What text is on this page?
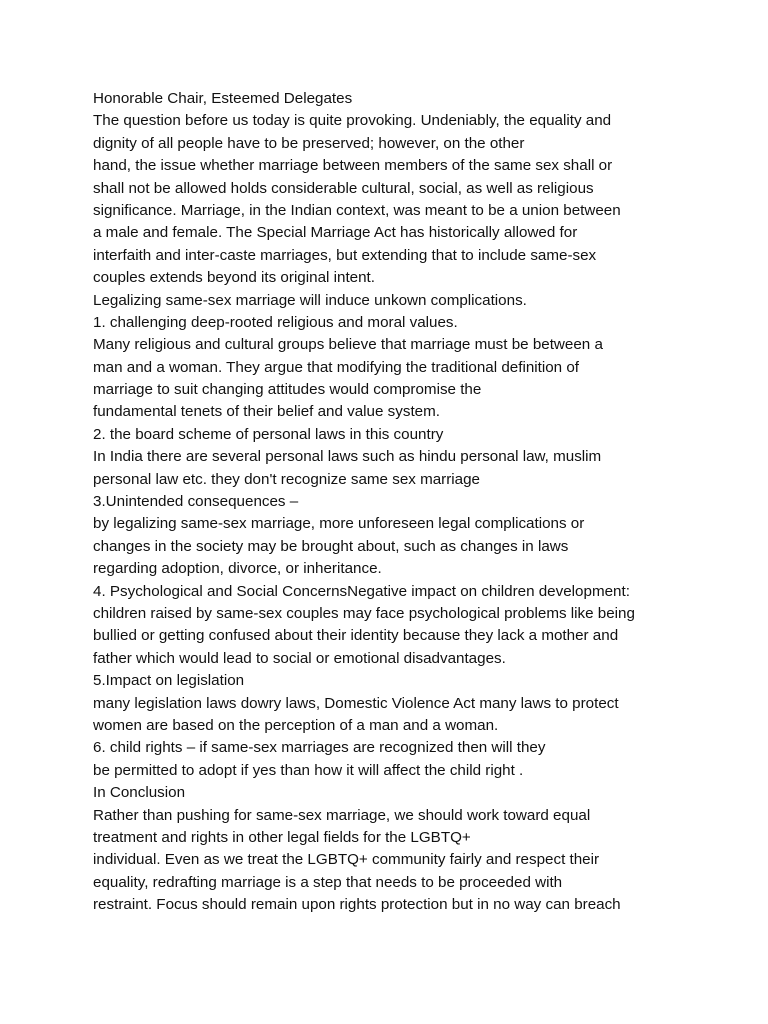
Honorable Chair, Esteemed Delegates
The question before us today is quite provoking. Undeniably, the equality and
dignity of all people have to be preserved; however, on the other
hand, the issue whether marriage between members of the same sex shall or
shall not be allowed holds considerable cultural, social, as well as religious
significance. Marriage, in the Indian context, was meant to be a union between
a male and female. The Special Marriage Act has historically allowed for
interfaith and inter-caste marriages, but extending that to include same-sex
couples extends beyond its original intent.
Legalizing same-sex marriage will induce unkown complications.
1. challenging deep-rooted religious and moral values.
Many religious and cultural groups believe that marriage must be between a
man and a woman. They argue that modifying the traditional definition of
marriage to suit changing attitudes would compromise the
fundamental tenets of their belief and value system.
2. the board scheme of personal laws in this country
In India there are several personal laws such as hindu personal law, muslim
personal law etc. they don't recognize same sex marriage
3.Unintended consequences –
by legalizing same-sex marriage, more unforeseen legal complications or
changes in the society may be brought about, such as changes in laws
regarding adoption, divorce, or inheritance.
4. Psychological and Social ConcernsNegative impact on children development:
children raised by same-sex couples may face psychological problems like being
bullied or getting confused about their identity because they lack a mother and
father which would lead to social or emotional disadvantages.
5.Impact on legislation
many legislation laws dowry laws, Domestic Violence Act many laws to protect
women are based on the perception of a man and a woman.
6. child rights – if same-sex marriages are recognized then will they
be permitted to adopt if yes than how it will affect the child right .
In Conclusion
Rather than pushing for same-sex marriage, we should work toward equal
treatment and rights in other legal fields for the LGBTQ+
individual. Even as we treat the LGBTQ+ community fairly and respect their
equality, redrafting marriage is a step that needs to be proceeded with
restraint. Focus should remain upon rights protection but in no way can breach
